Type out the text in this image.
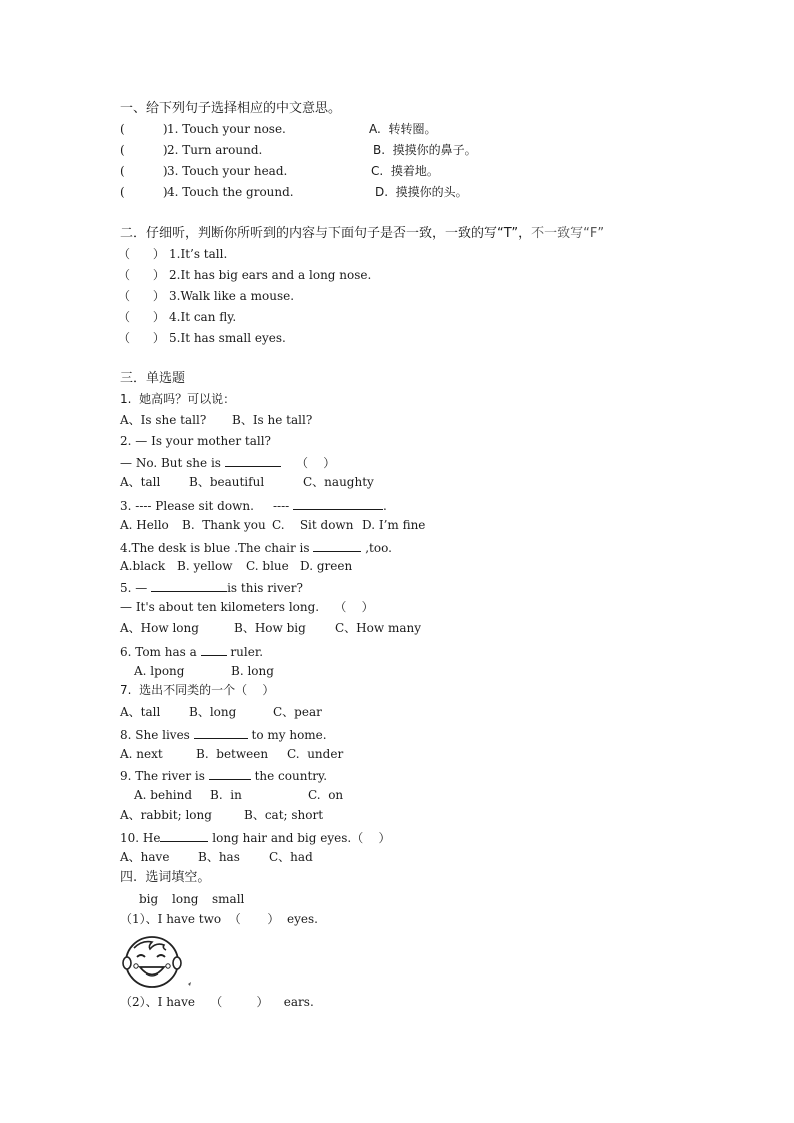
一、给下列句子选择相应的中文意思。
(          ) 1. Touch your nose.	A.  转转圈。
(          ) 2. Turn around.	B.  摸摸你的鼻子。
(          ) 3. Touch your head.	C.  摸着地。
(          ) 4. Touch the ground.	D.  摸摸你的头。
二．仔细听，判断你所听到的内容与下面句子是否一致，一致的写“T”，不一致写“F”
（      ） 1.It’s tall.
（      ） 2.It has big ears and a long nose.
（      ） 3.Walk like a mouse.
（      ） 4.It can fly.
（      ） 5.It has small eyes.
三．单选题
1.  她高吗？可以说：
A、Is she tall? B、Is he tall?
2. — Is your mother tall?
— No. But she is	（    ）
A、tall B、beautiful	C、naughty
3. ---- Please sit down.     ----	.
A. Hello B.  Thank you C.    Sit down D. I’m fine
4.The desk is blue .The chair is	,too.
A.black B. yellow C. blue D. green
5. —	is this river?
— It's about ten kilometers long.    （    ）
A、How long	B、How big C、How many
6. Tom has a	ruler.
A. lpong	B. long
7.  选出不同类的一个（    ）
A、tall B、long	C、pear
8. She lives	to my home.
A. next	B.  between C.  under
9. The river is	the country.
A. behind B.  in	C.  on
A、rabbit; long	B、cat; short
10. He	long hair and big eyes.（    ）
A、have B、has C、had
四.  选词填空。
big long small
（1）、I have two  （       ）  eyes.
（2）、I have    （         ）    ears.
